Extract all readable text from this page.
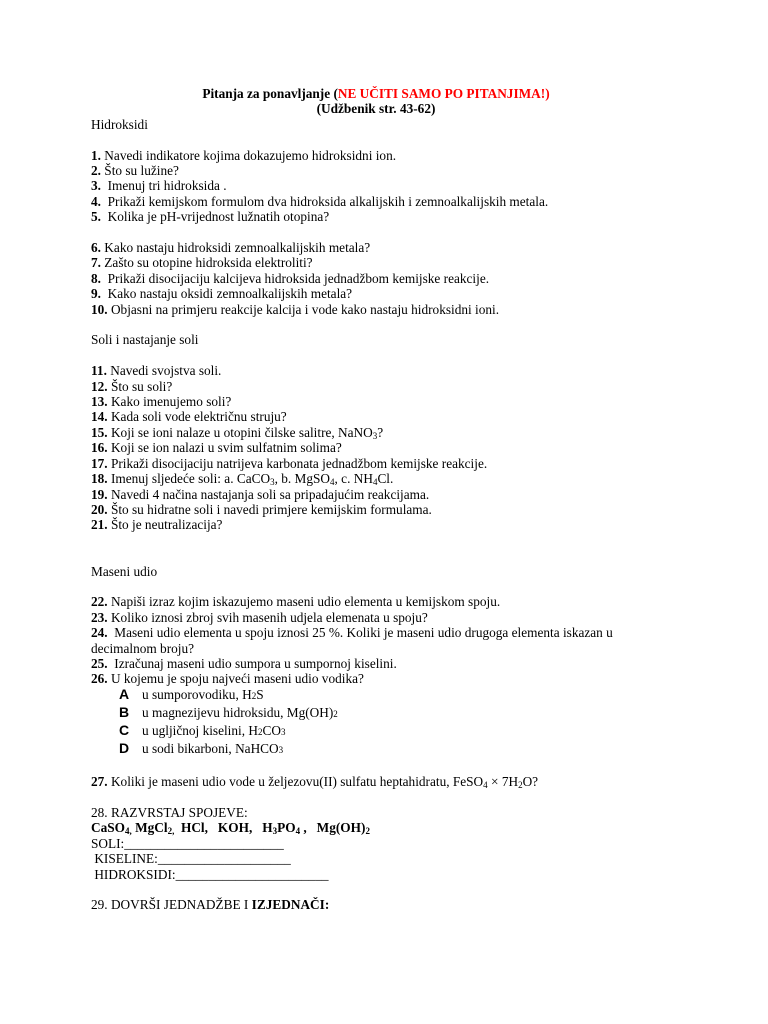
Pitanja za ponavljanje (NE UČITI SAMO PO PITANJIMA!)
(Udžbenik str. 43-62)
Hidroksidi
1. Navedi indikatore kojima dokazujemo hidroksidni ion.
2. Što su lužine?
3.  Imenuj tri hidroksida .
4.  Prikaži kemijskom formulom dva hidroksida alkalijskih i zemnoalkalijskih metala.
5.  Kolika je pH-vrijednost lužnatih otopina?
6. Kako nastaju hidroksidi zemnoalkalijskih metala?
7. Zašto su otopine hidroksida elektroliti?
8.  Prikaži disocijaciju kalcijeva hidroksida jednadžbom kemijske reakcije.
9.  Kako nastaju oksidi zemnoalkalijskih metala?
10. Objasni na primjeru reakcije kalcija i vode kako nastaju hidroksidni ioni.
Soli i nastajanje soli
11. Navedi svojstva soli.
12. Što su soli?
13. Kako imenujemo soli?
14. Kada soli vode električnu struju?
15. Koji se ioni nalaze u otopini čilske salitre, NaNO$_3$?
16. Koji se ion nalazi u svim sulfatnim solima?
17. Prikaži disocijaciju natrijeva karbonata jednadžbom kemijske reakcije.
18. Imenuj sljedeće soli: a. CaCO$_3$, b. MgSO$_4$, c. $NH_4Cl$.
19. Navedi 4 načina nastajanja soli sa pripadajućim reakcijama.
20. Što su hidratne soli i navedi primjere kemijskim formulama.
21. Što je neutralizacija?
Maseni udio
22. Napiši izraz kojim iskazujemo maseni udio elementa u kemijskom spoju.
23. Koliko iznosi zbroj svih masenih udjela elemenata u spoju?
24.  Maseni udio elementa u spoju iznosi 25 %. Koliki je maseni udio drugoga elementa iskazan u decimalnom broju?
25.  Izračunaj maseni udio sumpora u sumpornoj kiselini.
26. U kojemu je spoju najveći maseni udio vodika?
A u sumporovodiku, H 2 S
B u magnezijevu hidroksidu, Mg(OH) 2
C u ugljičnoj kiselini, H 2 CO 3
D u sodi bikarboni, NaHCO 3
27. Koliki je maseni udio vode u željezovu(II) sulfatu heptahidratu, FeSO$_4$ × $7H_2O$?
28. RAZVRSTAJ SPOJEVE:
CaSO$_{4,}$ MgCl$_{2,}$  HCl,   KOH,   $H_3PO_4$ ,   $Mg(OH)_2$
SOLI:________________________
KISELINE:____________________
HIDROKSIDI:_______________________
29. DOVRŠI JEDNADŽBE I IZJEDNAČI:
